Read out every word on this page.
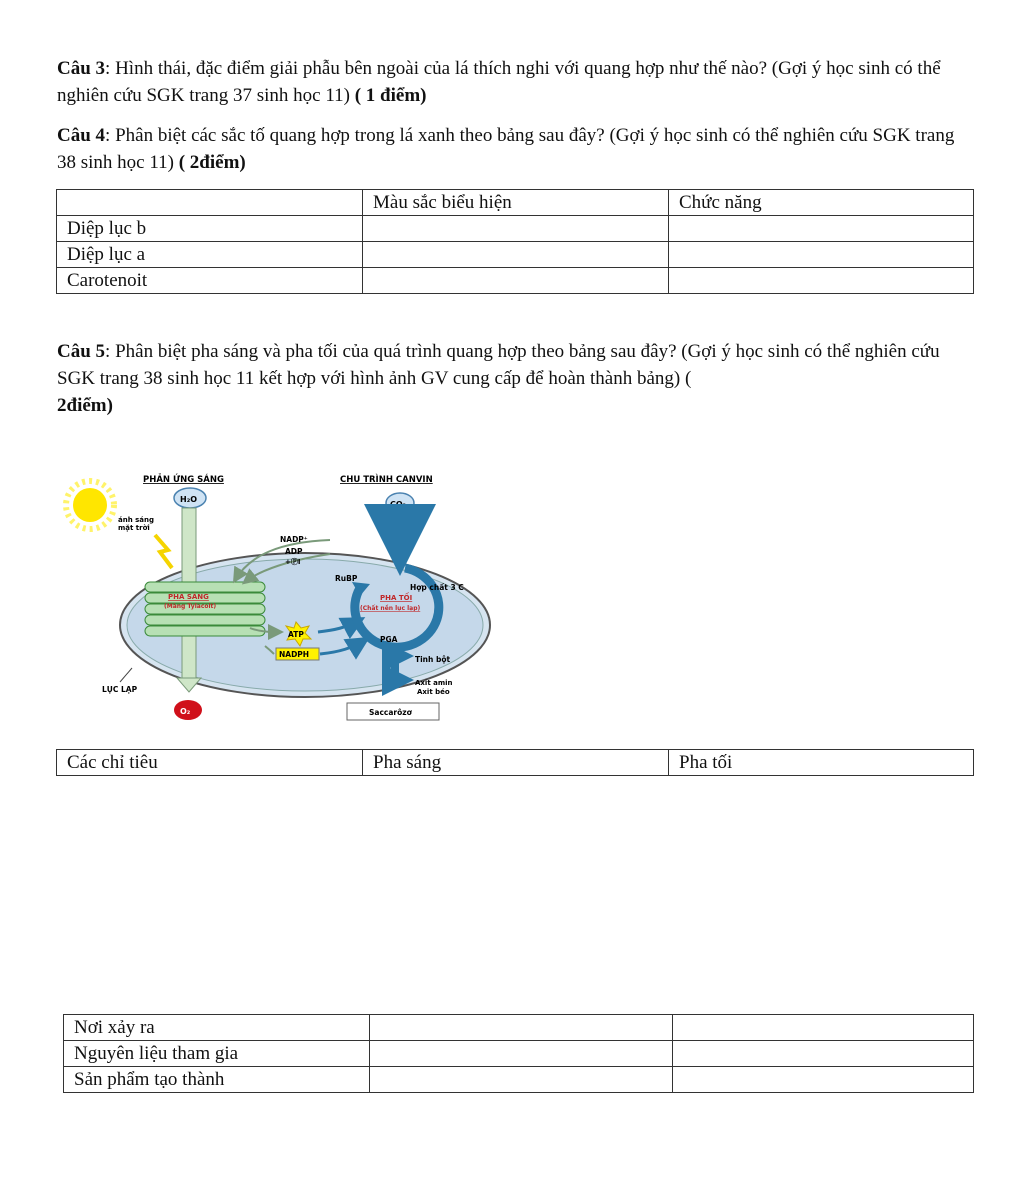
Câu 3: Hình thái, đặc điểm giải phẫu bên ngoài của lá thích nghi với quang hợp như thế nào? (Gợi ý học sinh có thể nghiên cứu SGK trang 37 sinh học 11) ( 1 điểm)

Câu 4: Phân biệt các sắc tố quang hợp trong lá xanh theo bảng sau đây? (Gợi ý học sinh có thể nghiên cứu SGK trang 38 sinh học 11) ( 2điểm)

	Màu sắc biểu hiện	Chức năng
Diệp lục b		
Diệp lục a		
Carotenoit		

Câu 5: Phân biệt pha sáng và pha tối của quá trình quang hợp theo bảng sau đây? (Gợi ý học sinh có thể nghiên cứu SGK trang 38 sinh học 11 kết hợp với hình ảnh GV cung cấp để hoàn thành bảng) (
2điểm)

ánh sáng
mặt trời
PHẢN ỨNG SÁNG	CHU TRÌNH CANVIN
H₂O
CO₂
PHA SÁNG
(Màng Tylacoit)
NADP⁺
ADP
+ⓅI
ATP
NADPH
RuBP
Hợp chất 3 C
PHA TỐI
(Chất nền lục lạp)
PGA
Tinh bột
Axit amin
Axit béo
Saccarôzơ
LỤC LẠP
O₂
Các chỉ tiêu	Pha sáng	Pha tối
Nơi xảy ra		
Nguyên liệu tham gia		
Sản phẩm tạo thành		
